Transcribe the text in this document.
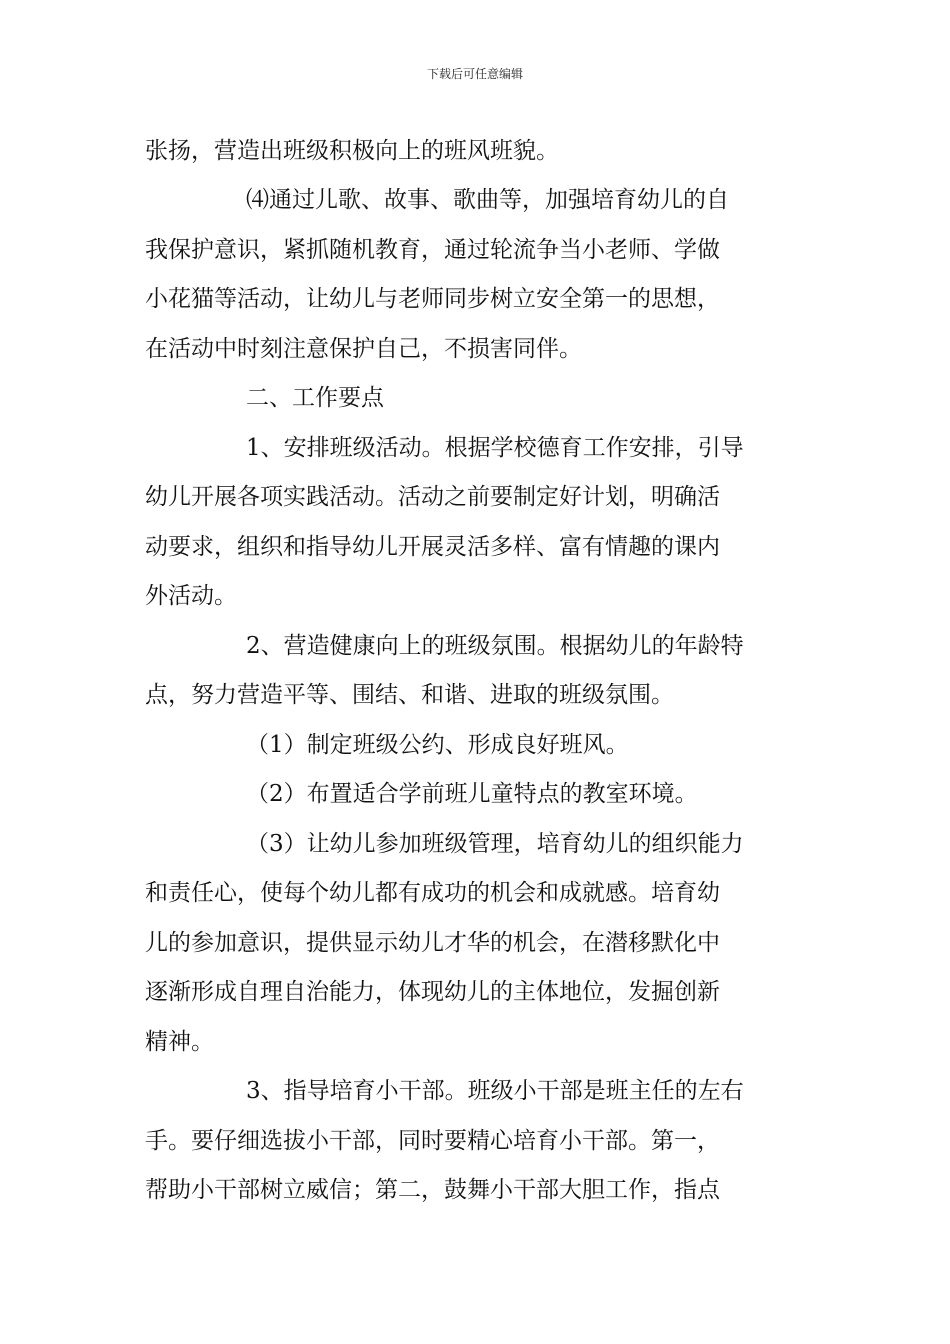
下载后可任意编辑
张扬，营造出班级积极向上的班风班貌。
⑷通过儿歌、故事、歌曲等，加强培育幼儿的自
我保护意识，紧抓随机教育，通过轮流争当小老师、学做
小花猫等活动，让幼儿与老师同步树立安全第一的思想，
在活动中时刻注意保护自己，不损害同伴。
二、工作要点
1、安排班级活动。根据学校德育工作安排，引导
幼儿开展各项实践活动。活动之前要制定好计划，明确活
动要求，组织和指导幼儿开展灵活多样、富有情趣的课内
外活动。
2、营造健康向上的班级氛围。根据幼儿的年龄特
点，努力营造平等、围结、和谐、进取的班级氛围。
（1）制定班级公约、形成良好班风。
（2）布置适合学前班儿童特点的教室环境。
（3）让幼儿参加班级管理，培育幼儿的组织能力
和责任心，使每个幼儿都有成功的机会和成就感。培育幼
儿的参加意识，提供显示幼儿才华的机会，在潜移默化中
逐渐形成自理自治能力，体现幼儿的主体地位，发掘创新
精神。
3、指导培育小干部。班级小干部是班主任的左右
手。要仔细选拔小干部，同时要精心培育小干部。第一，
帮助小干部树立威信；第二，鼓舞小干部大胆工作，指点
